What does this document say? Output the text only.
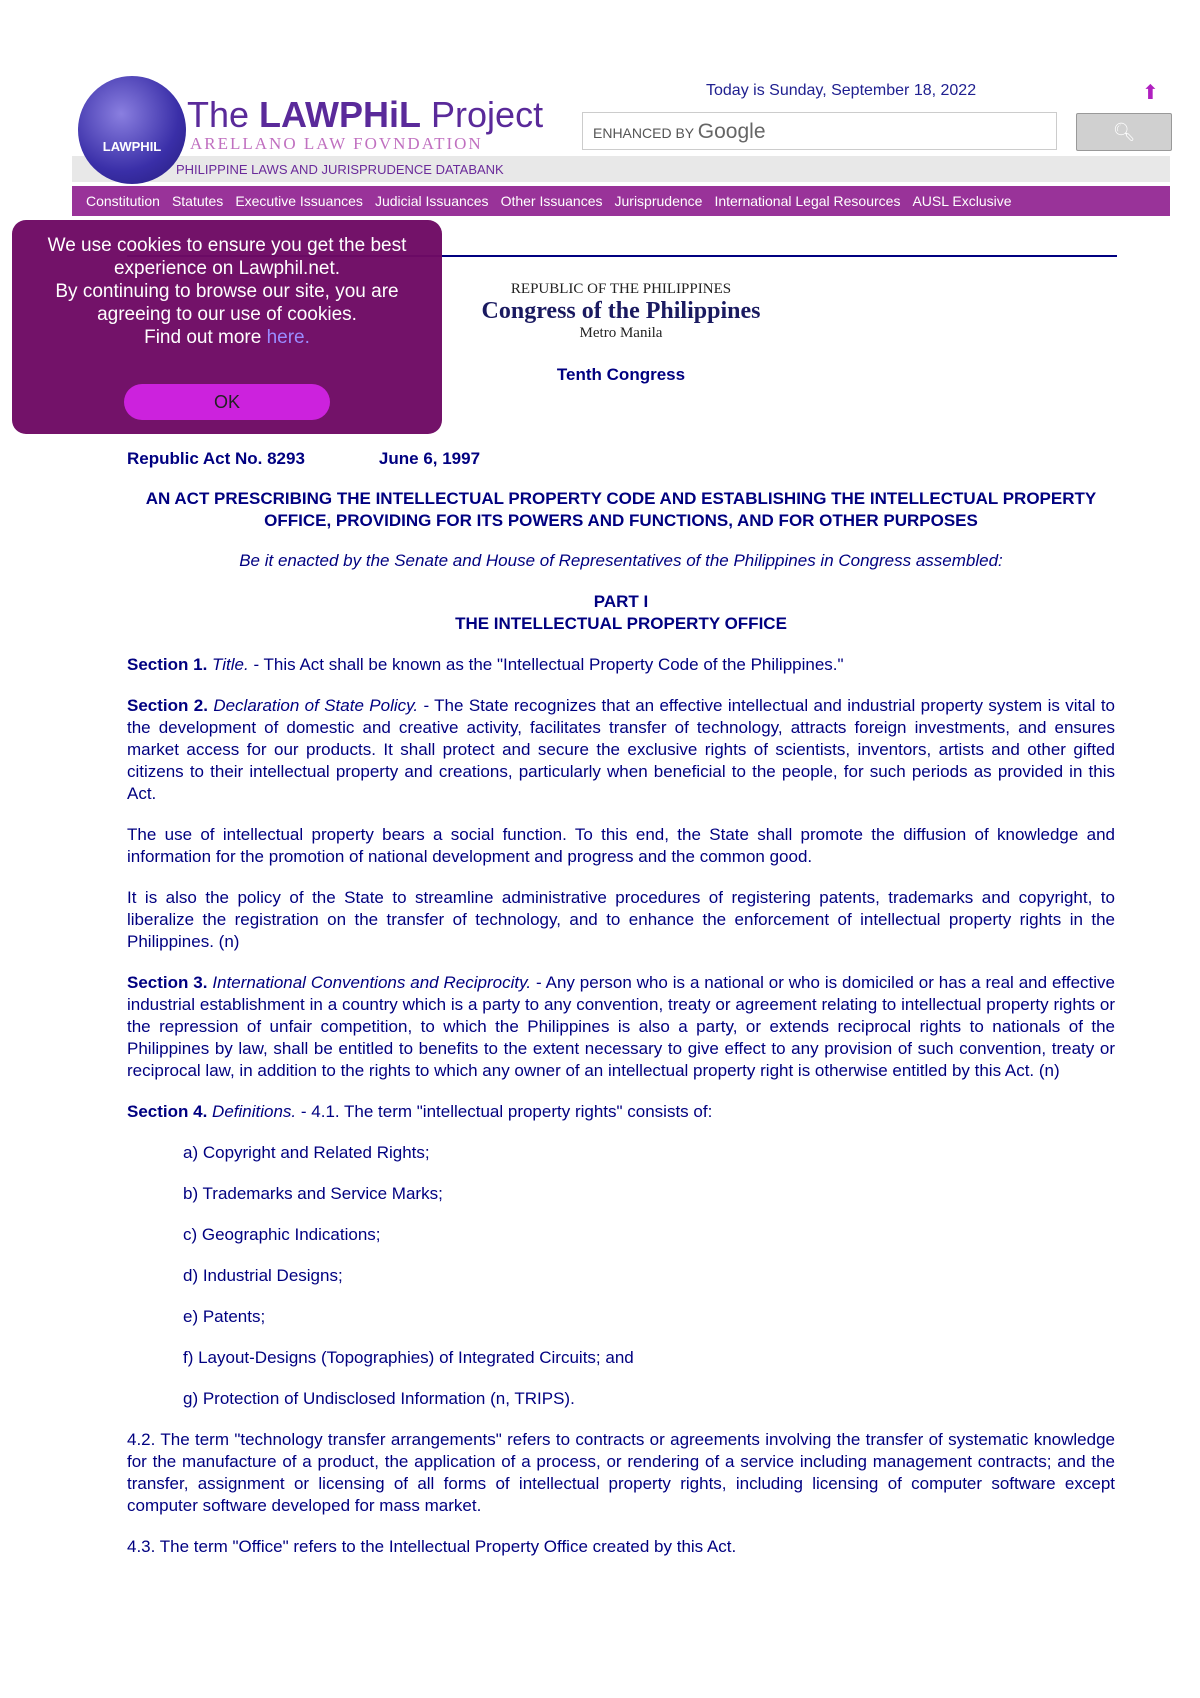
LAWPHIL
The LAWPHiL Project
ARELLANO LAW FOVNDATION
PHILIPPINE LAWS AND JURISPRUDENCE DATABANK
Today is Sunday, September 18, 2022	⬆
ENHANCED BY Google	🔍︎
Constitution Statutes Executive Issuances Judicial Issuances Other Issuances Jurisprudence International Legal Resources AUSL Exclusive
REPUBLIC OF THE PHILIPPINES
Congress of the Philippines
Metro Manila
Tenth Congress
Republic Act No. 8293	June 6, 1997
AN ACT PRESCRIBING THE INTELLECTUAL PROPERTY CODE AND ESTABLISHING THE INTELLECTUAL PROPERTY OFFICE, PROVIDING FOR ITS POWERS AND FUNCTIONS, AND FOR OTHER PURPOSES
Be it enacted by the Senate and House of Representatives of the Philippines in Congress assembled:
PART I
THE INTELLECTUAL PROPERTY OFFICE

Section 1. Title. - This Act shall be known as the "Intellectual Property Code of the Philippines."

Section 2. Declaration of State Policy. - The State recognizes that an effective intellectual and industrial property system is vital to the development of domestic and creative activity, facilitates transfer of technology, attracts foreign investments, and ensures market access for our products. It shall protect and secure the exclusive rights of scientists, inventors, artists and other gifted citizens to their intellectual property and creations, particularly when beneficial to the people, for such periods as provided in this Act.

The use of intellectual property bears a social function. To this end, the State shall promote the diffusion of knowledge and information for the promotion of national development and progress and the common good.

It is also the policy of the State to streamline administrative procedures of registering patents, trademarks and copyright, to liberalize the registration on the transfer of technology, and to enhance the enforcement of intellectual property rights in the Philippines. (n)

Section 3. International Conventions and Reciprocity. - Any person who is a national or who is domiciled or has a real and effective industrial establishment in a country which is a party to any convention, treaty or agreement relating to intellectual property rights or the repression of unfair competition, to which the Philippines is also a party, or extends reciprocal rights to nationals of the Philippines by law, shall be entitled to benefits to the extent necessary to give effect to any provision of such convention, treaty or reciprocal law, in addition to the rights to which any owner of an intellectual property right is otherwise entitled by this Act. (n)

Section 4. Definitions. - 4.1. The term "intellectual property rights" consists of:

a) Copyright and Related Rights;
b) Trademarks and Service Marks;
c) Geographic Indications;
d) Industrial Designs;
e) Patents;
f) Layout-Designs (Topographies) of Integrated Circuits; and
g) Protection of Undisclosed Information (n, TRIPS).

4.2. The term "technology transfer arrangements" refers to contracts or agreements involving the transfer of systematic knowledge for the manufacture of a product, the application of a process, or rendering of a service including management contracts; and the transfer, assignment or licensing of all forms of intellectual property rights, including licensing of computer software except computer software developed for mass market.

4.3. The term "Office" refers to the Intellectual Property Office created by this Act.

We use cookies to ensure you get the best experience on Lawphil.net.
By continuing to browse our site, you are agreeing to our use of cookies.
Find out more here.
OK
